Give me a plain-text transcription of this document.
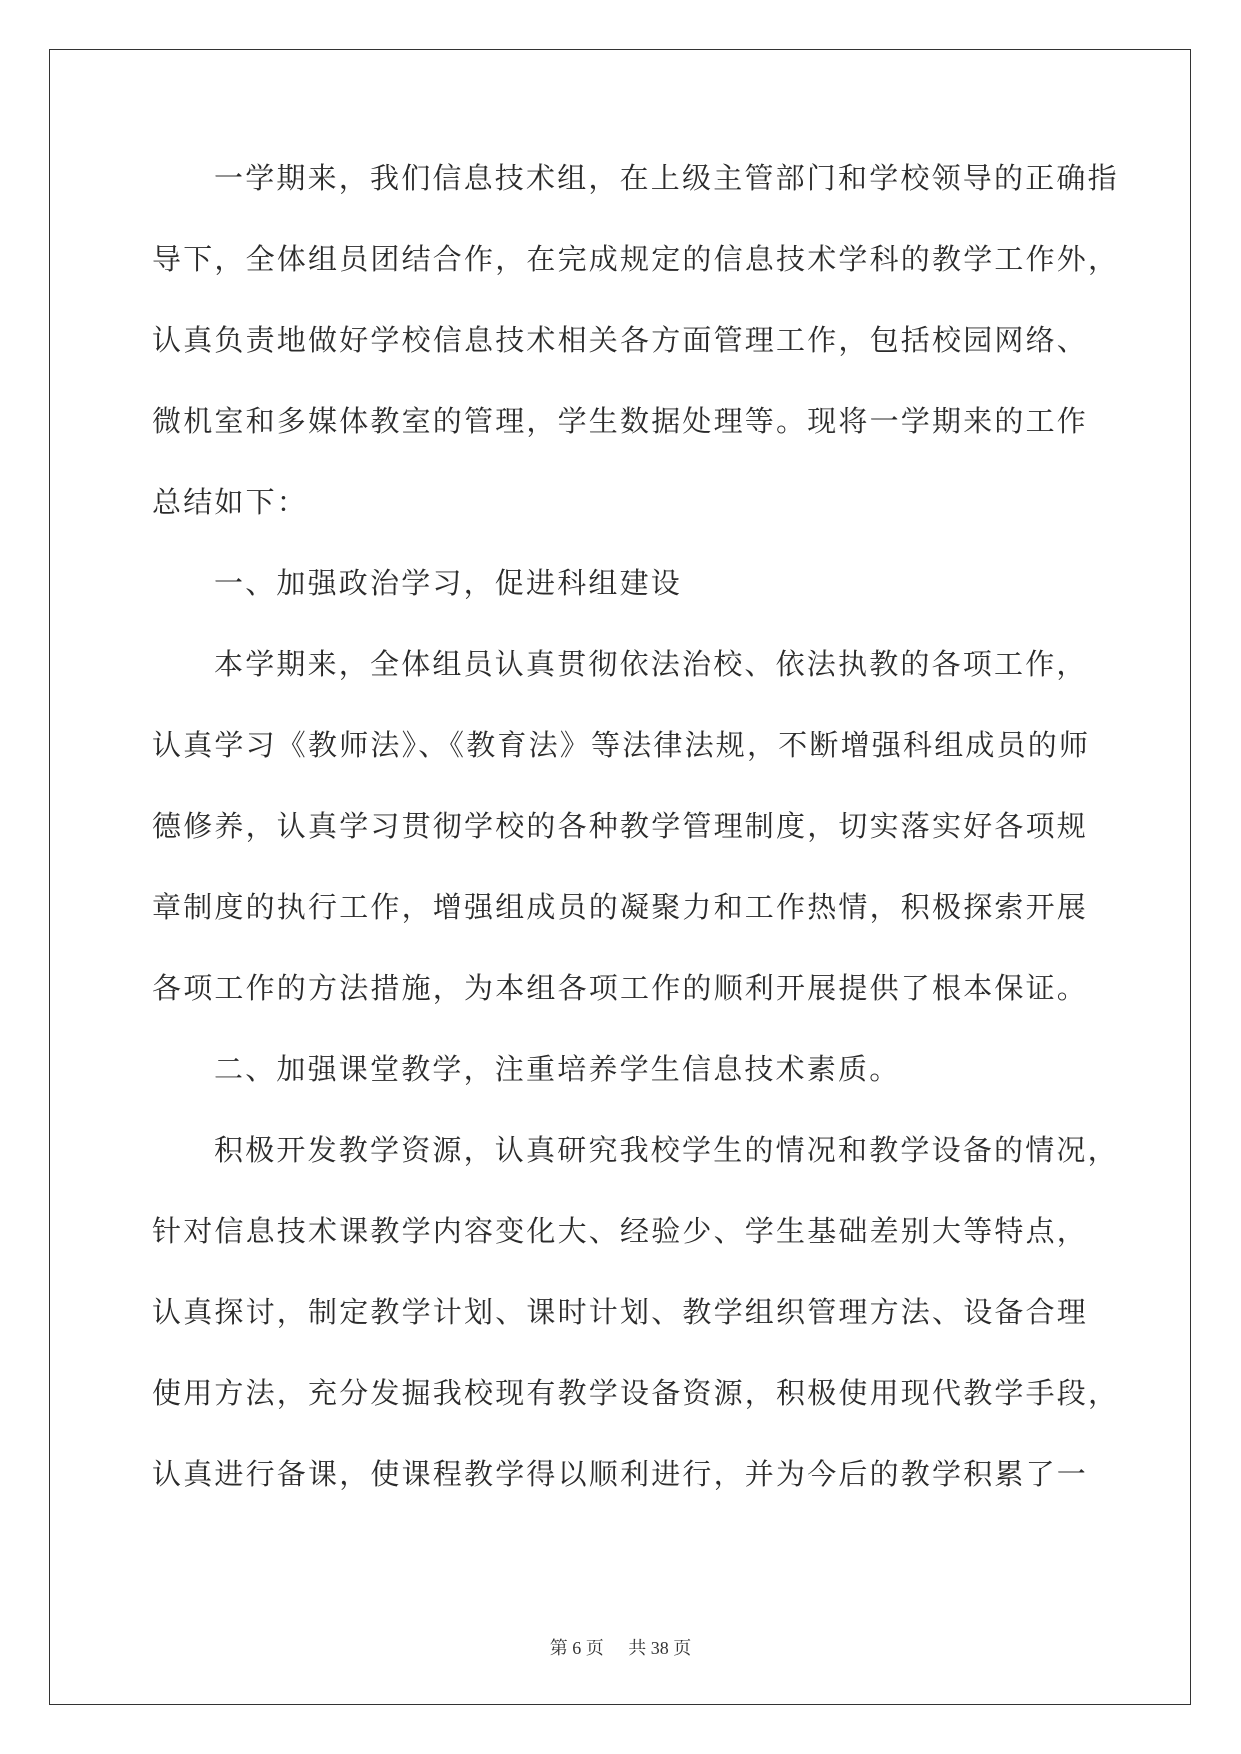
一学期来，我们信息技术组，在上级主管部门和学校领导的正确指

导下，全体组员团结合作，在完成规定的信息技术学科的教学工作外，

认真负责地做好学校信息技术相关各方面管理工作，包括校园网络、

微机室和多媒体教室的管理，学生数据处理等。现将一学期来的工作

总结如下：

一、加强政治学习，促进科组建设

本学期来，全体组员认真贯彻依法治校、依法执教的各项工作，

认真学习《教师法》、《教育法》等法律法规，不断增强科组成员的师

德修养，认真学习贯彻学校的各种教学管理制度，切实落实好各项规

章制度的执行工作，增强组成员的凝聚力和工作热情，积极探索开展

各项工作的方法措施，为本组各项工作的顺利开展提供了根本保证。

二、加强课堂教学，注重培养学生信息技术素质。

积极开发教学资源，认真研究我校学生的情况和教学设备的情况，

针对信息技术课教学内容变化大、经验少、学生基础差别大等特点，

认真探讨，制定教学计划、课时计划、教学组织管理方法、设备合理

使用方法，充分发掘我校现有教学设备资源，积极使用现代教学手段，

认真进行备课，使课程教学得以顺利进行，并为今后的教学积累了一

第 6 页 共 38 页
